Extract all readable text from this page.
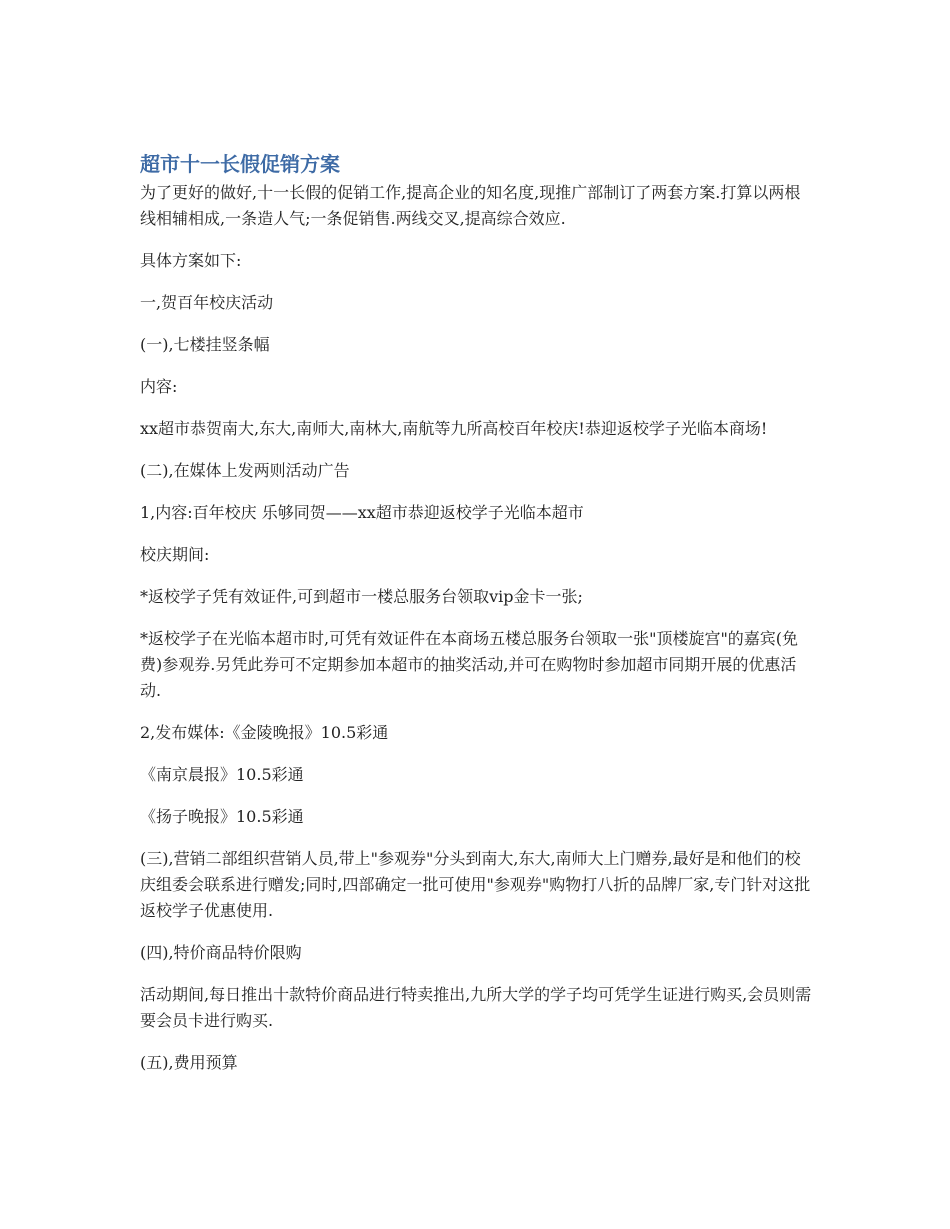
超市十一长假促销方案

为了更好的做好,十一长假的促销工作,提高企业的知名度,现推广部制订了两套方案.打算以两根线相辅相成,一条造人气;一条促销售.两线交叉,提高综合效应.

具体方案如下:

一,贺百年校庆活动

(一),七楼挂竖条幅

内容:

xx超市恭贺南大,东大,南师大,南林大,南航等九所高校百年校庆!恭迎返校学子光临本商场!

(二),在媒体上发两则活动广告

1,内容:百年校庆 乐够同贺——xx超市恭迎返校学子光临本超市

校庆期间:

*返校学子凭有效证件,可到超市一楼总服务台领取vip金卡一张;

*返校学子在光临本超市时,可凭有效证件在本商场五楼总服务台领取一张"顶楼旋宫"的嘉宾(免费)参观券.另凭此券可不定期参加本超市的抽奖活动,并可在购物时参加超市同期开展的优惠活动.

2,发布媒体:《金陵晚报》10.5彩通

《南京晨报》10.5彩通

《扬子晚报》10.5彩通

(三),营销二部组织营销人员,带上"参观券"分头到南大,东大,南师大上门赠券,最好是和他们的校庆组委会联系进行赠发;同时,四部确定一批可使用"参观券"购物打八折的品牌厂家,专门针对这批返校学子优惠使用.

(四),特价商品特价限购

活动期间,每日推出十款特价商品进行特卖推出,九所大学的学子均可凭学生证进行购买,会员则需要会员卡进行购买.

(五),费用预算
